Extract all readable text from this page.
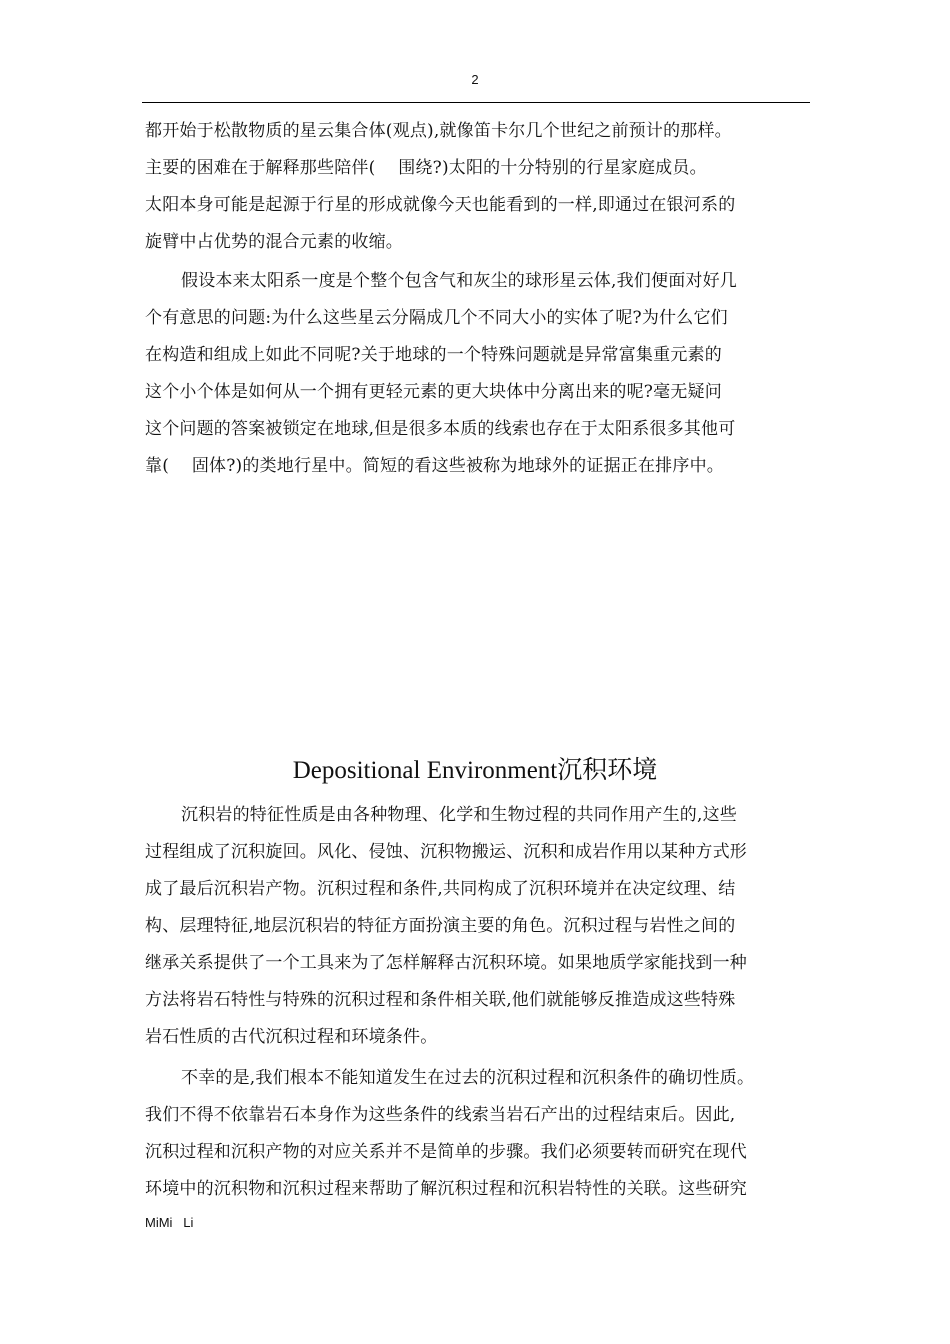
2

都开始于松散物质的星云集合体(观点),就像笛卡尔几个世纪之前预计的那样。
主要的困难在于解释那些陪伴(　 围绕?)太阳的十分特别的行星家庭成员。
太阳本身可能是起源于行星的形成就像今天也能看到的一样,即通过在银河系的
旋臂中占优势的混合元素的收缩。

假设本来太阳系一度是个整个包含气和灰尘的球形星云体,我们便面对好几
个有意思的问题:为什么这些星云分隔成几个不同大小的实体了呢?为什么它们
在构造和组成上如此不同呢?关于地球的一个特殊问题就是异常富集重元素的
这个小个体是如何从一个拥有更轻元素的更大块体中分离出来的呢?毫无疑问
这个问题的答案被锁定在地球,但是很多本质的线索也存在于太阳系很多其他可
靠(　 固体?)的类地行星中。简短的看这些被称为地球外的证据正在排序中。

Depositional Environment沉积环境

沉积岩的特征性质是由各种物理、化学和生物过程的共同作用产生的,这些
过程组成了沉积旋回。风化、侵蚀、沉积物搬运、沉积和成岩作用以某种方式形
成了最后沉积岩产物。沉积过程和条件,共同构成了沉积环境并在决定纹理、结
构、层理特征,地层沉积岩的特征方面扮演主要的角色。沉积过程与岩性之间的
继承关系提供了一个工具来为了怎样解释古沉积环境。如果地质学家能找到一种
方法将岩石特性与特殊的沉积过程和条件相关联,他们就能够反推造成这些特殊
岩石性质的古代沉积过程和环境条件。

不幸的是,我们根本不能知道发生在过去的沉积过程和沉积条件的确切性质。
我们不得不依靠岩石本身作为这些条件的线索当岩石产出的过程结束后。因此,
沉积过程和沉积产物的对应关系并不是简单的步骤。我们必须要转而研究在现代
环境中的沉积物和沉积过程来帮助了解沉积过程和沉积岩特性的关联。这些研究

MiMi   Li
